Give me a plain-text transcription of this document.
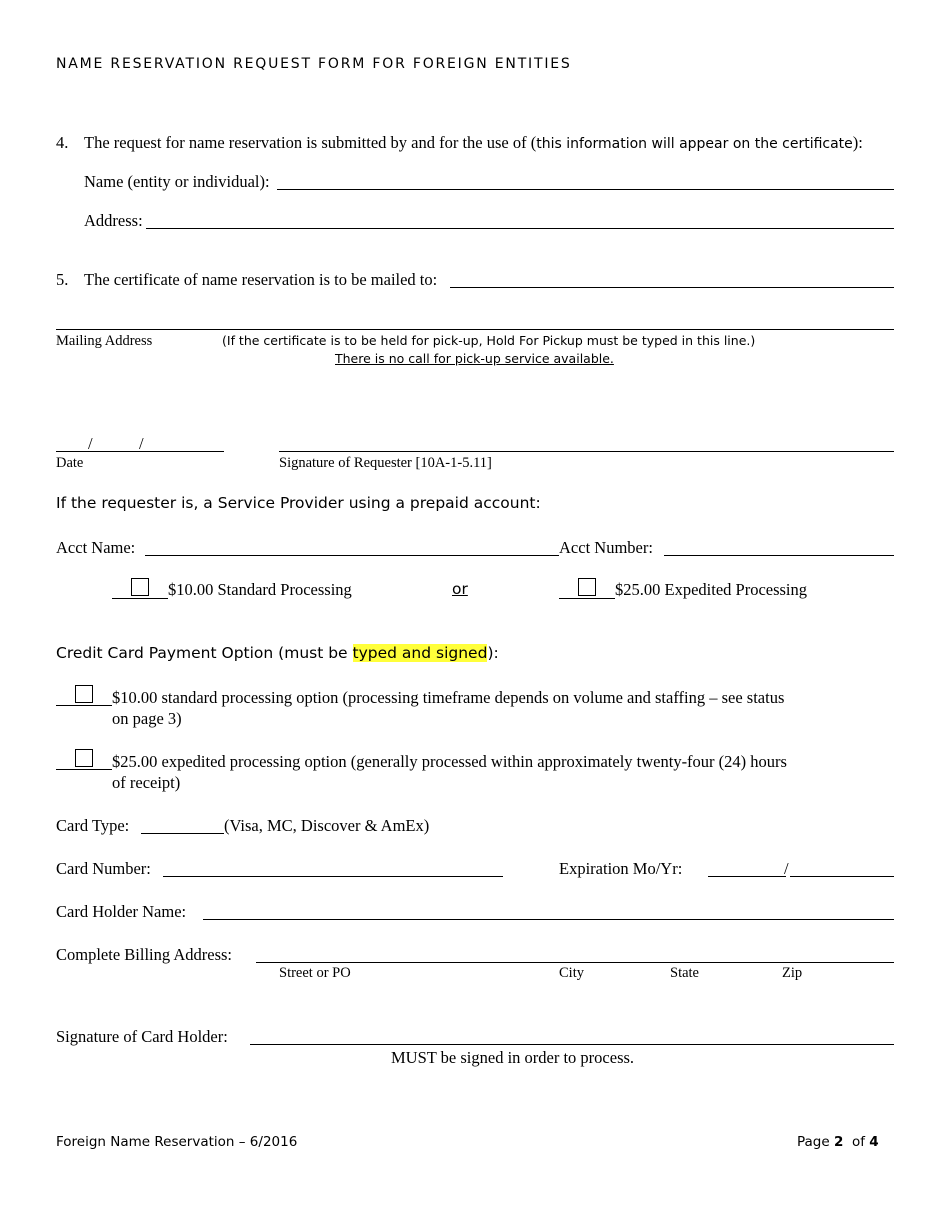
NAME RESERVATION REQUEST FORM FOR FOREIGN ENTITIES
4. The request for name reservation is submitted by and for the use of (this information will appear on the certificate):
Name (entity or individual):
Address:
5. The certificate of name reservation is to be mailed to:
Mailing Address	(If the certificate is to be held for pick-up, Hold For Pickup must be typed in this line.)
There is no call for pick-up service available.
/	/
Date	Signature of Requester [10A-1-5.11]
If the requester is, a Service Provider using a prepaid account:
Acct Name:	Acct Number:
$10.00 Standard Processing	or	$25.00 Expedited Processing
Credit Card Payment Option (must be typed and signed):
$10.00 standard processing option (processing timeframe depends on volume and staffing – see status
on page 3)
$25.00 expedited processing option (generally processed within approximately twenty-four (24) hours
of receipt)
Card Type:	(Visa, MC, Discover & AmEx)
Card Number:	Expiration Mo/Yr:	/
Card Holder Name:
Complete Billing Address:
Street or PO	City	State	Zip
Signature of Card Holder:
MUST be signed in order to process.
Foreign Name Reservation – 6/2016	Page 2  of 4
